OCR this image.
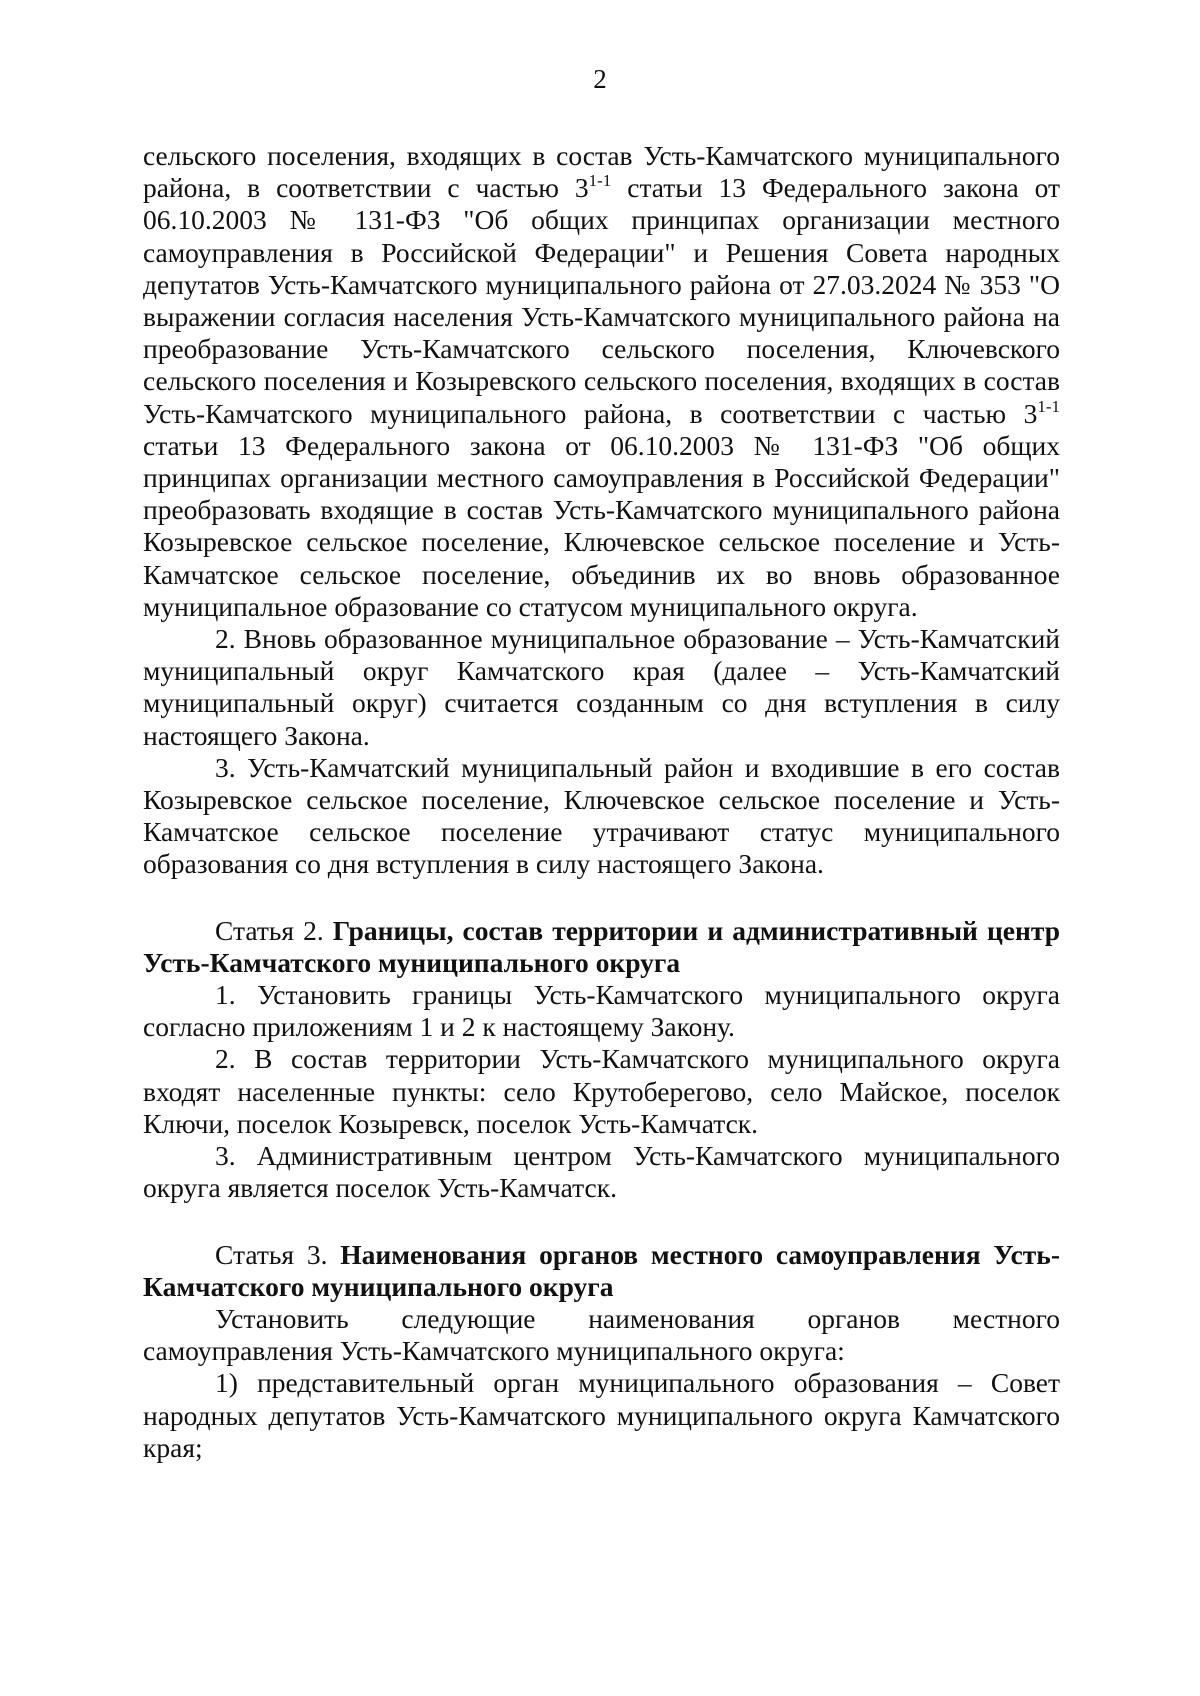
2

сельского поселения, входящих в состав Усть-Камчатского муниципального района, в соответствии с частью 3$^{1-1}$ статьи 13 Федерального закона от 06.10.2003 № 131-ФЗ "Об общих принципах организации местного самоуправления в Российской Федерации" и Решения Совета народных депутатов Усть-Камчатского муниципального района от 27.03.2024 № 353 "О выражении согласия населения Усть-Камчатского муниципального района на преобразование Усть-Камчатского сельского поселения, Ключевского сельского поселения и Козыревского сельского поселения, входящих в состав Усть-Камчатского муниципального района, в соответствии с частью 3$^{1-1}$ статьи 13 Федерального закона от 06.10.2003 № 131-ФЗ "Об общих принципах организации местного самоуправления в Российской Федерации" преобразовать входящие в состав Усть-Камчатского муниципального района Козыревское сельское поселение, Ключевское сельское поселение и Усть-Камчатское сельское поселение, объединив их во вновь образованное муниципальное образование со статусом муниципального округа.

2. Вновь образованное муниципальное образование – Усть-Камчатский муниципальный округ Камчатского края (далее – Усть-Камчатский муниципальный округ) считается созданным со дня вступления в силу настоящего Закона.

3. Усть-Камчатский муниципальный район и входившие в его состав Козыревское сельское поселение, Ключевское сельское поселение и Усть-Камчатское сельское поселение утрачивают статус муниципального образования со дня вступления в силу настоящего Закона.

Статья 2. Границы, состав территории и административный центр Усть-Камчатского муниципального округа

1. Установить границы Усть-Камчатского муниципального округа согласно приложениям 1 и 2 к настоящему Закону.

2. В состав территории Усть-Камчатского муниципального округа входят населенные пункты: село Крутоберегово, село Майское, поселок Ключи, поселок Козыревск, поселок Усть-Камчатск.

3. Административным центром Усть-Камчатского муниципального округа является поселок Усть-Камчатск.

Статья 3. Наименования органов местного самоуправления Усть-Камчатского муниципального округа

Установить следующие наименования органов местного самоуправления Усть-Камчатского муниципального округа:

1) представительный орган муниципального образования – Совет народных депутатов Усть-Камчатского муниципального округа Камчатского края;
